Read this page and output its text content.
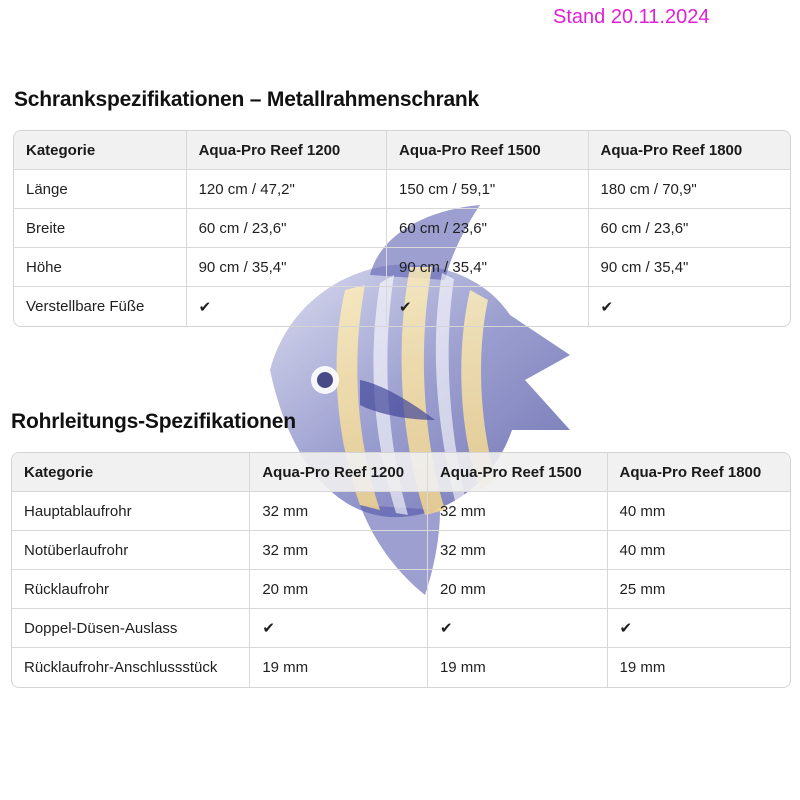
Stand 20.11.2024
Schrankspezifikationen – Metallrahmenschrank
Kategorie	Aqua-Pro Reef 1200	Aqua-Pro Reef 1500	Aqua-Pro Reef 1800
Länge	120 cm / 47,2"	150 cm / 59,1"	180 cm / 70,9"
Breite	60 cm / 23,6"	60 cm / 23,6"	60 cm / 23,6"
Höhe	90 cm / 35,4"	90 cm / 35,4"	90 cm / 35,4"
Verstellbare Füße	✔	✔	✔
Rohrleitungs-Spezifikationen
Kategorie	Aqua-Pro Reef 1200	Aqua-Pro Reef 1500	Aqua-Pro Reef 1800
Hauptablaufrohr	32 mm	32 mm	40 mm
Notüberlaufrohr	32 mm	32 mm	40 mm
Rücklaufrohr	20 mm	20 mm	25 mm
Doppel-Düsen-Auslass	✔	✔	✔
Rücklaufrohr-Anschlussstück	19 mm	19 mm	19 mm
